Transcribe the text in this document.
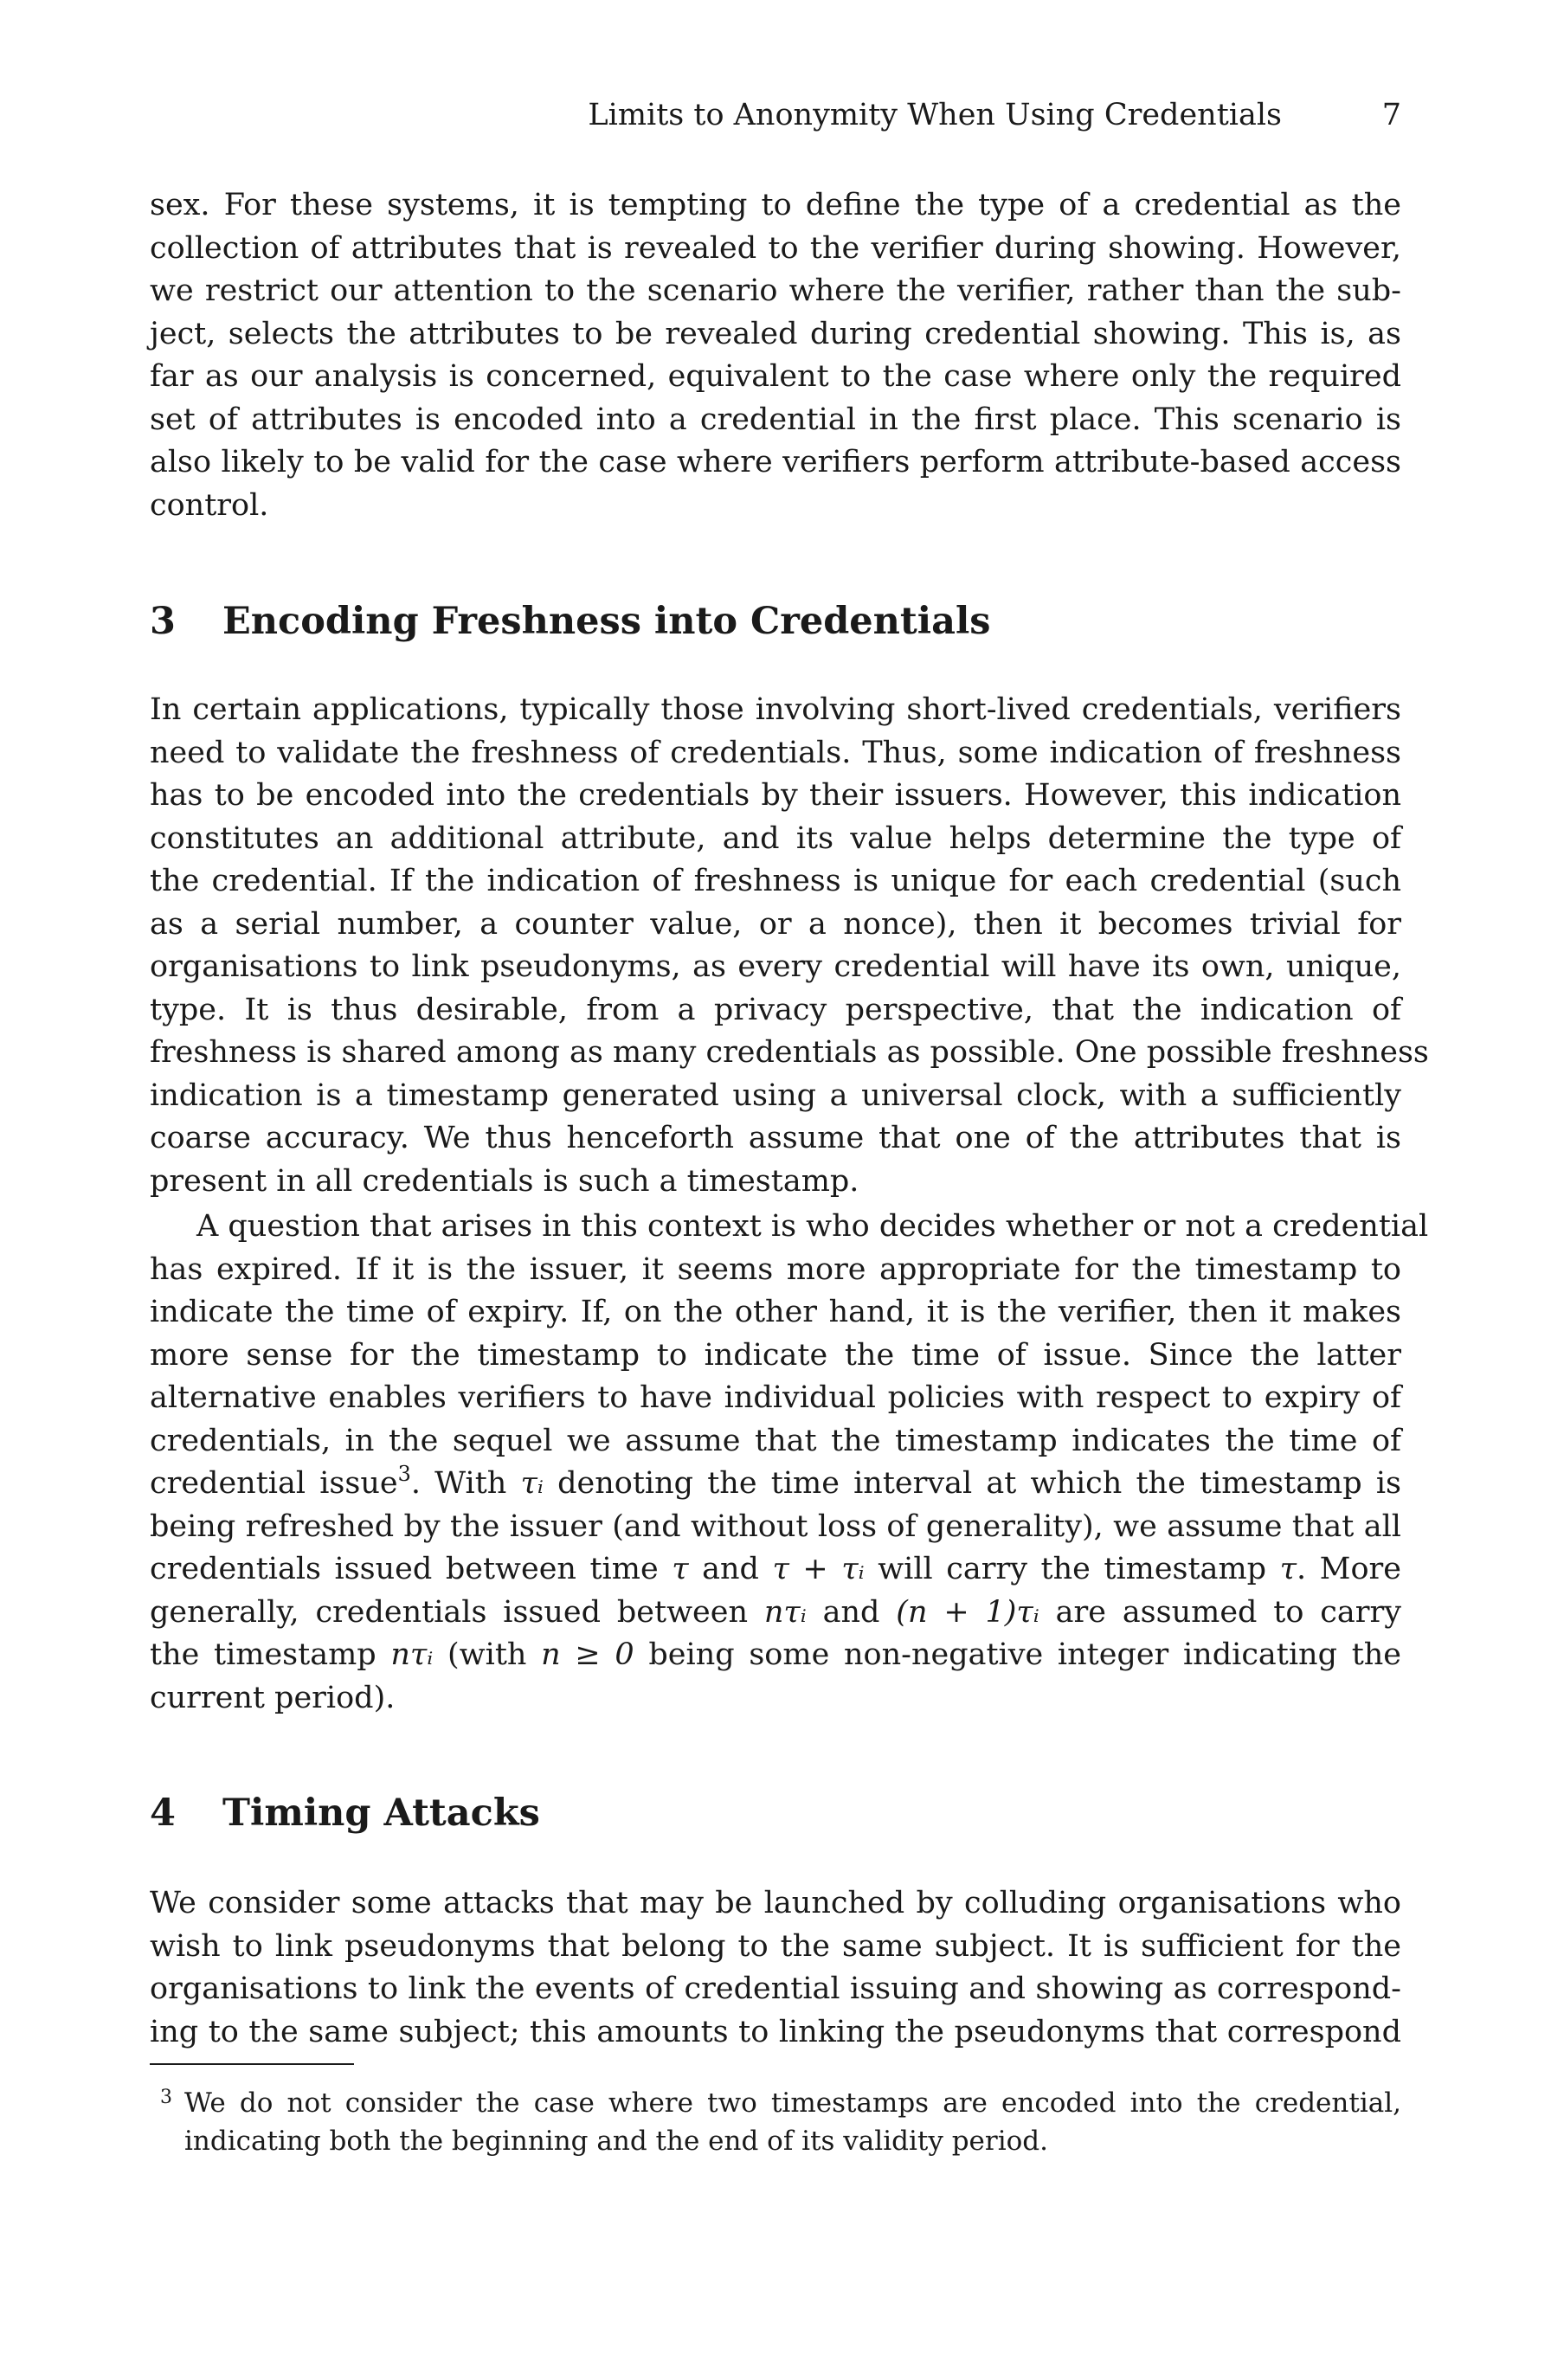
Limits to Anonymity When Using Credentials	7
sex. For these systems, it is tempting to define the type of a credential as the
collection of attributes that is revealed to the verifier during showing. However,
we restrict our attention to the scenario where the verifier, rather than the sub-
ject, selects the attributes to be revealed during credential showing. This is, as
far as our analysis is concerned, equivalent to the case where only the required
set of attributes is encoded into a credential in the first place. This scenario is
also likely to be valid for the case where verifiers perform attribute-based access
control.
3 Encoding Freshness into Credentials
In certain applications, typically those involving short-lived credentials, verifiers
need to validate the freshness of credentials. Thus, some indication of freshness
has to be encoded into the credentials by their issuers. However, this indication
constitutes an additional attribute, and its value helps determine the type of
the credential. If the indication of freshness is unique for each credential (such
as a serial number, a counter value, or a nonce), then it becomes trivial for
organisations to link pseudonyms, as every credential will have its own, unique,
type. It is thus desirable, from a privacy perspective, that the indication of
freshness is shared among as many credentials as possible. One possible freshness
indication is a timestamp generated using a universal clock, with a sufficiently
coarse accuracy. We thus henceforth assume that one of the attributes that is
present in all credentials is such a timestamp.
A question that arises in this context is who decides whether or not a credential
has expired. If it is the issuer, it seems more appropriate for the timestamp to
indicate the time of expiry. If, on the other hand, it is the verifier, then it makes
more sense for the timestamp to indicate the time of issue. Since the latter
alternative enables verifiers to have individual policies with respect to expiry of
credentials, in the sequel we assume that the timestamp indicates the time of
credential issue$^3$. With τᵢ denoting the time interval at which the timestamp is
being refreshed by the issuer (and without loss of generality), we assume that all
credentials issued between time τ and τ + τᵢ will carry the timestamp τ. More
generally, credentials issued between nτᵢ and (n + 1)τᵢ are assumed to carry
the timestamp nτᵢ (with n ≥ 0 being some non-negative integer indicating the
current period).
4 Timing Attacks
We consider some attacks that may be launched by colluding organisations who
wish to link pseudonyms that belong to the same subject. It is sufficient for the
organisations to link the events of credential issuing and showing as correspond-
ing to the same subject; this amounts to linking the pseudonyms that correspond
3 We do not consider the case where two timestamps are encoded into the credential,
indicating both the beginning and the end of its validity period.
